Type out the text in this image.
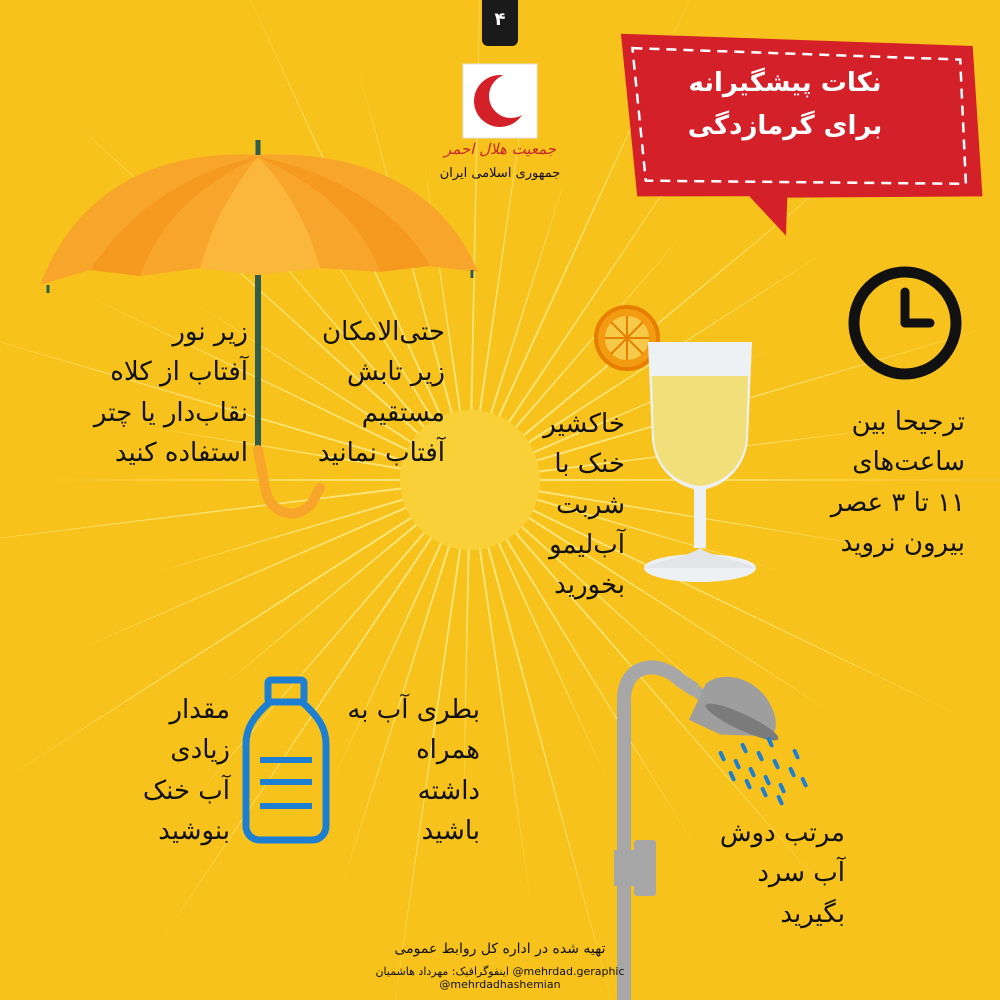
۴
جمعیت هلال احمر
جمهوری اسلامی ایران
نکات پیشگیرانه
برای گرمازدگی
زیر نور
آفتاب از کلاه
نقاب‌دار یا چتر
استفاده کنید
حتی‌الامکان
زیر تابش
مستقیم
آفتاب نمانید
خاکشیر
خنک با
شربت
آب‌لیمو
بخورید
ترجیحا بین
ساعت‌های
۱۱ تا ۳ عصر
بیرون نروید
مقدار
زیادی
آب خنک
بنوشید
بطری آب به
همراه
داشته
باشید	مرتب دوش
آب سرد
بگیرید
تهیه شده در اداره کل روابط عمومی
اینفوگرافیک: مهرداد هاشمیان @mehrdad.geraphic @mehrdadhashemian
